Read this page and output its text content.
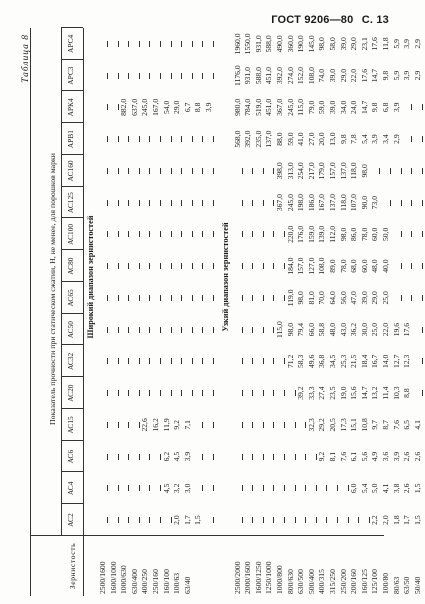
ГОСТ 9206—80 С. 13
Таблица 8
Показатель прочности при статическом сжатии, Н, не менее, для порошков марки
Зернистость
АС2
АС4
АС6
АС15
АС20
АС32
АС50
АС65
АС80
АС100
АС125
АС160
АРВ1
АРК4
АРС3
АРС4
Широкий диапазон зернистостей
2500/1600 1600/1000 1000/630
882,0
630/400
637,0
400/250
22,6
245,0
250/160
16,2
167,0
160/100
4,5
6,2
11,9
54,0
100/63
2,0
3,2
4,5
9,2
29,0
63/40
1,7
3,0
3,9
7,1
6,7
1,5
8,8 3,9
Узкий диапазон зернистостей
2500/2000
568,0
980,0
1176,0
1960,0
2000/1600
392,0
784,0
931,0
1550,0
1600/1250
235,0
519,0
588,0
931,0
1250/1000
137,0
451,0
451,0
588,0
1000/800
115,0
367,0
398,0
88,0
367,0
392,0
490,0
800/630
71,2
98,0
119,0
184,0
220,0
245,0
313,0
59,0
245,0
274,0
360,0
630/500
39,2
58,3
79,4
98,0
157,0
176,0
198,0
254,0
41,0
115,0
152,0
190,0
500/400
32,3
33,3
49,6
66,0
81,0
127,0
159,0
186,0
217,0
27,0
79,0
108,0
145,0
400/315
9,2
29,2
27,4
36,8
58,8
70,0
108,0
139,0
167,0
179,0
20,0
59,0
74,0
98,0
315/250
8,1
20,5
23,5
34,5
48,0
64,0
89,0
112,0
137,0
157,0
13,0
39,0
39,0
58,0
250/200
7,6
17,3
19,0
25,3
43,0
56,0
78,0
98,0
118,0
137,0
9,8
34,0
29,0
39,0
200/160
6,0
6,1
15,1
15,6
21,5
36,2
47,0
68,0
86,0
107,0
118,0
7,8
24,0
22,0
29,0
160/125
5,4
5,6
10,8
14,7
18,4
30,0
39,0
60,0
78,0
90,0
98,0
5,4
14,7
17,6
23,1
125/100
2,2
5,0
4,9
9,7
13,2
16,7
25,0
29,0
48,0
60,0
73,0
3,9
9,8
14,7
17,6
100/80
2,0
4,1
3,6
8,7
11,4
14,0
22,0
25,0
40,0
50,0
3,4
6,8
9,8
11,8
80/63
1,8
3,8
3,9
7,6
10,3
12,7
19,6
2,9
3,9
5,9
5,9
63/50
1,7
2,6
2,6
6,5
8,8
12,3
17,6
3,9
3,9
50/40
1,5
1,5
2,6
4,1
2,9
2,9
